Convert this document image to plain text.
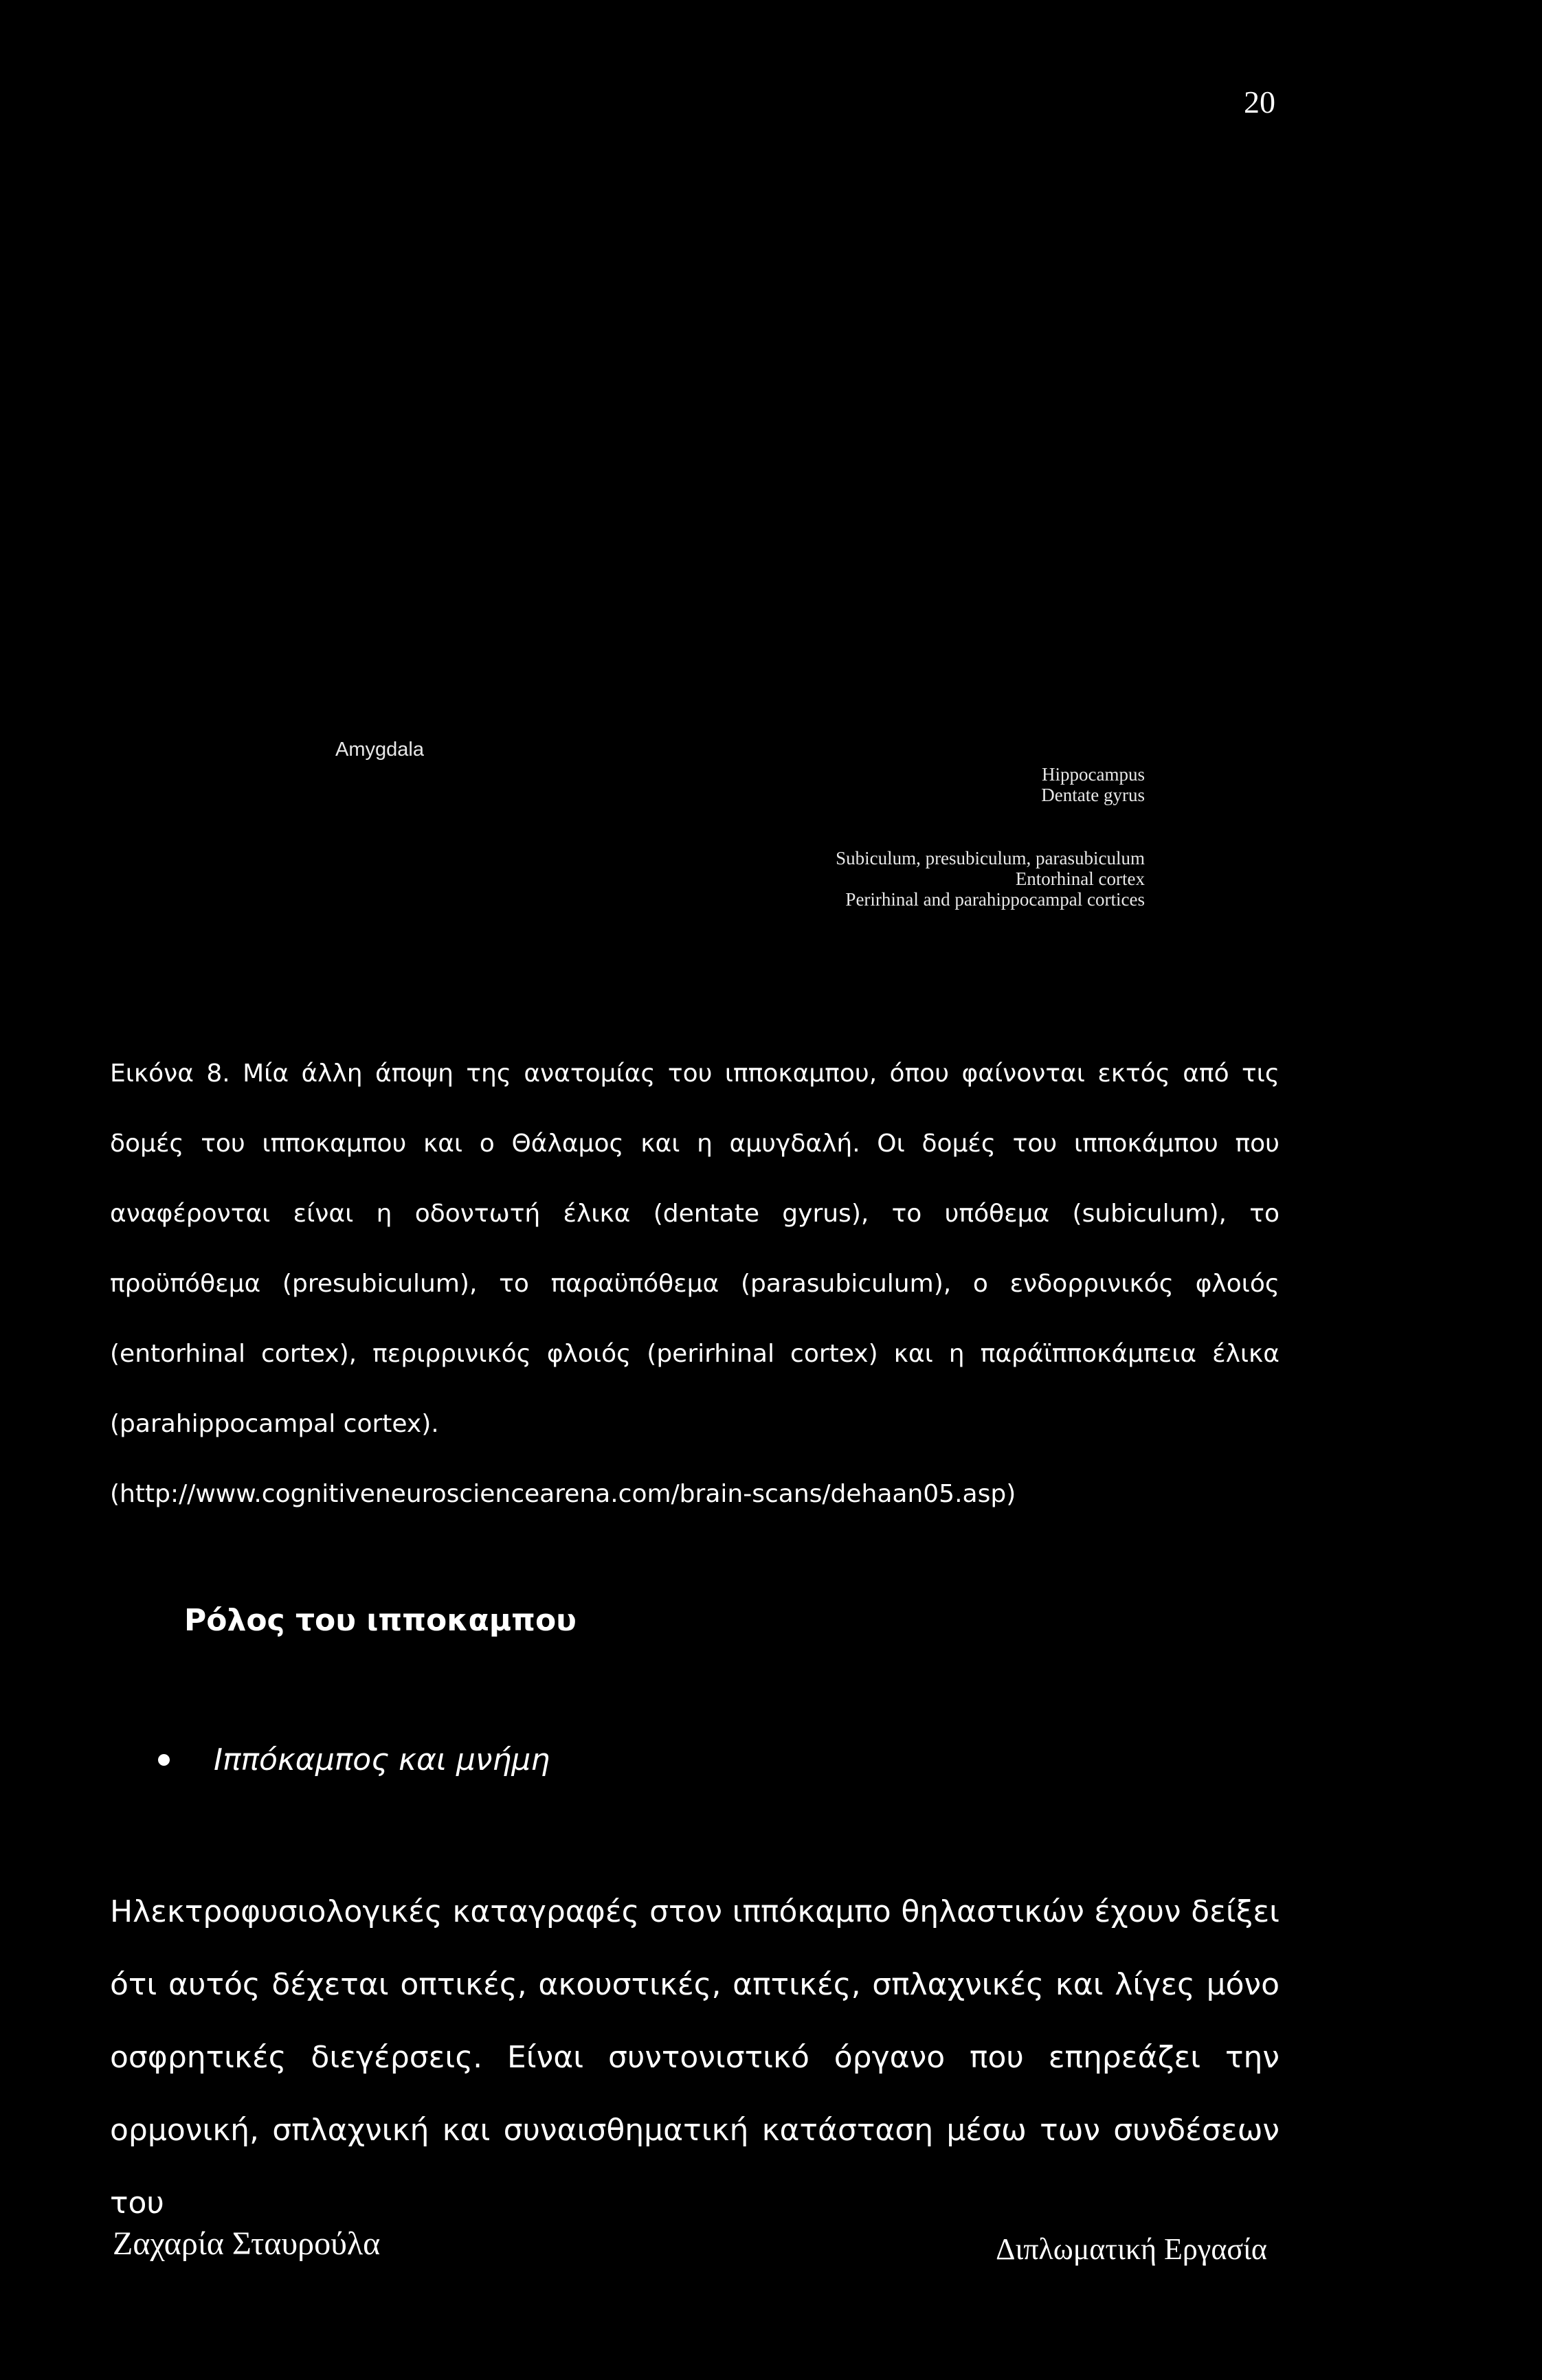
20
Amygdala
Hippocampus
Dentate gyrus
Subiculum, presubiculum, parasubiculum
Entorhinal cortex
Perirhinal and parahippocampal cortices
Εικόνα 8. Μία άλλη άποψη της ανατομίας του ιπποκαμπου, όπου φαίνονται εκτός από τις δομές του ιπποκαμπου και ο Θάλαμος και η αμυγδαλή. Οι δομές του ιπποκάμπου που αναφέρονται είναι η οδοντωτή έλικα (dentate gyrus), το υπόθεμα (subiculum), το προϋπόθεμα (presubiculum), το παραϋπόθεμα (parasubiculum), ο ενδορρινικός φλοιός (entorhinal cortex), περιρρινικός φλοιός (perirhinal cortex) και η παράϊπποκάμπεια έλικα (parahippocampal cortex).
(http://www.cognitiveneurosciencearena.com/brain-scans/dehaan05.asp)
Ρόλος του ιπποκαμπου
Ιππόκαμπος και μνήμη
Ηλεκτροφυσιολογικές καταγραφές στον ιππόκαμπο θηλαστικών έχουν δείξει ότι αυτός δέχεται οπτικές, ακουστικές, απτικές, σπλαχνικές και λίγες μόνο οσφρητικές διεγέρσεις. Είναι συντονιστικό όργανο που επηρεάζει την ορμονική, σπλαχνική και συναισθηματική κατάσταση μέσω των συνδέσεων του
Ζαχαρία Σταυρούλα	Διπλωματική Εργασία
